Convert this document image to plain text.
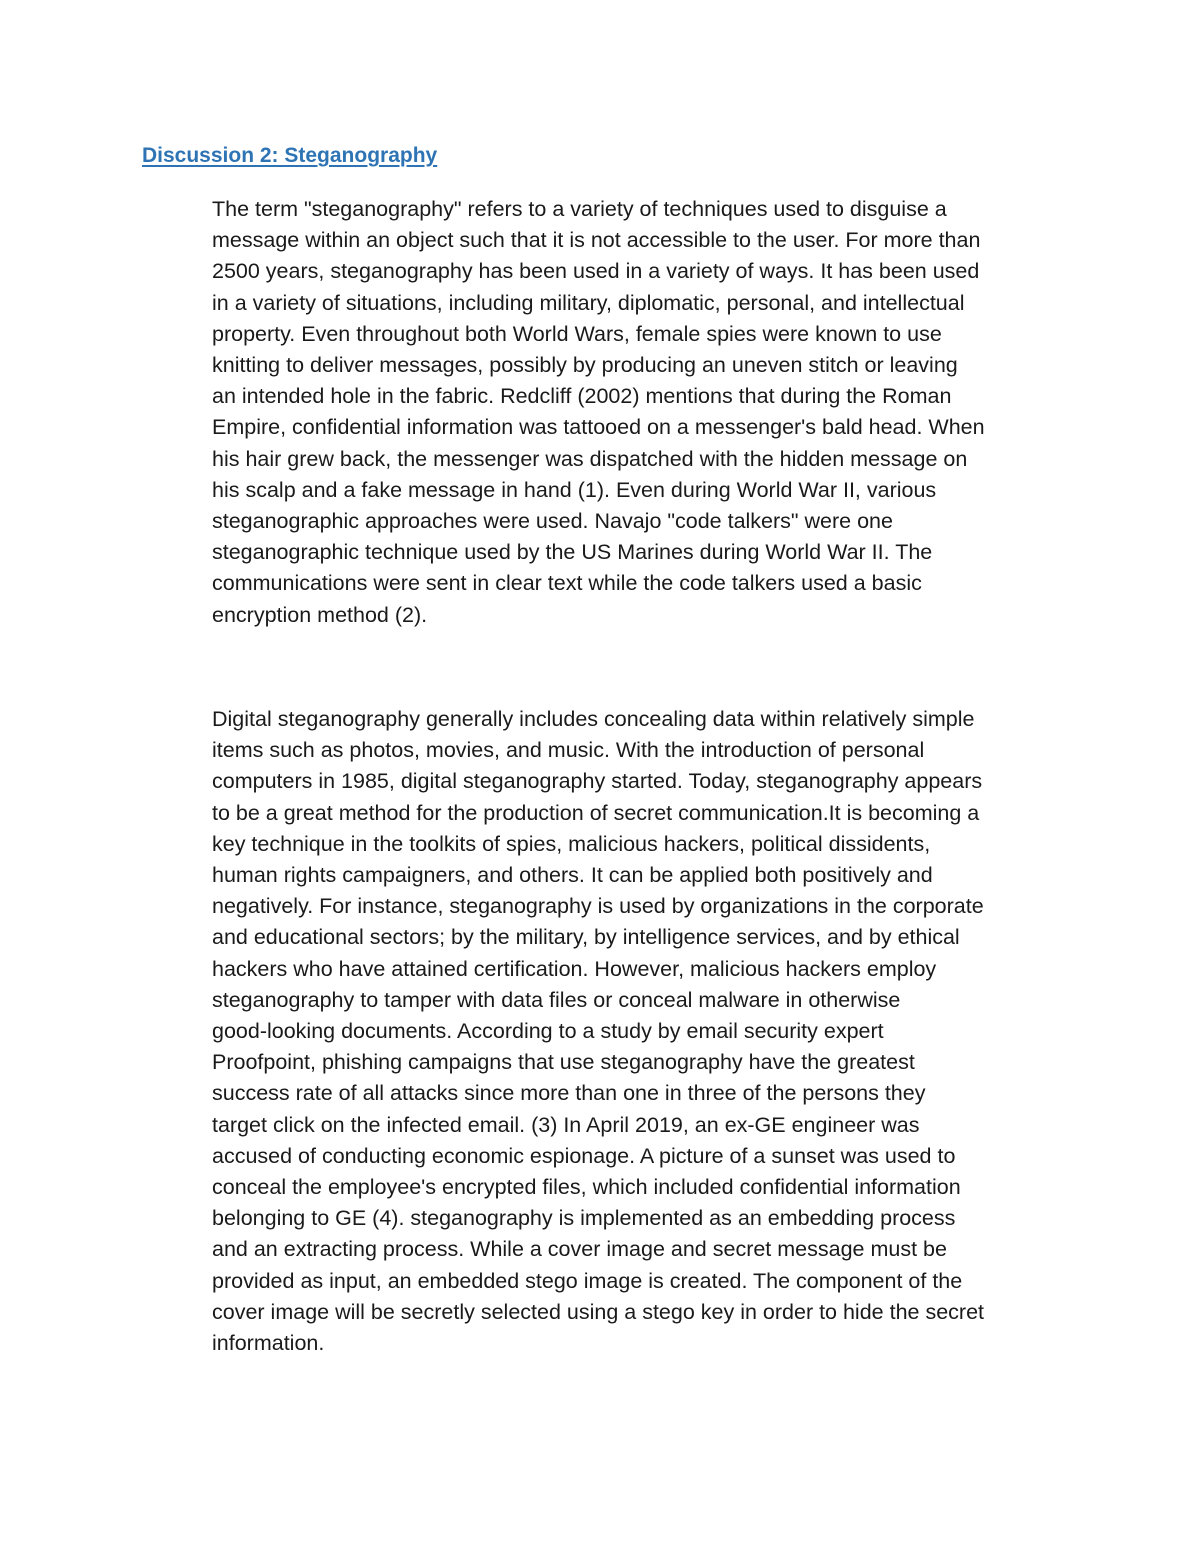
Discussion 2: Steganography

The term "steganography" refers to a variety of techniques used to disguise a
message within an object such that it is not accessible to the user. For more than
2500 years, steganography has been used in a variety of ways. It has been used
in a variety of situations, including military, diplomatic, personal, and intellectual
property. Even throughout both World Wars, female spies were known to use
knitting to deliver messages, possibly by producing an uneven stitch or leaving
an intended hole in the fabric. Redcliff (2002) mentions that during the Roman
Empire, confidential information was tattooed on a messenger's bald head. When
his hair grew back, the messenger was dispatched with the hidden message on
his scalp and a fake message in hand (1). Even during World War II, various
steganographic approaches were used. Navajo "code talkers" were one
steganographic technique used by the US Marines during World War II. The
communications were sent in clear text while the code talkers used a basic
encryption method (2).

Digital steganography generally includes concealing data within relatively simple
items such as photos, movies, and music. With the introduction of personal
computers in 1985, digital steganography started. Today, steganography appears
to be a great method for the production of secret communication.It is becoming a
key technique in the toolkits of spies, malicious hackers, political dissidents,
human rights campaigners, and others. It can be applied both positively and
negatively. For instance, steganography is used by organizations in the corporate
and educational sectors; by the military, by intelligence services, and by ethical
hackers who have attained certification. However, malicious hackers employ
steganography to tamper with data files or conceal malware in otherwise
good-looking documents. According to a study by email security expert
Proofpoint, phishing campaigns that use steganography have the greatest
success rate of all attacks since more than one in three of the persons they
target click on the infected email. (3) In April 2019, an ex-GE engineer was
accused of conducting economic espionage. A picture of a sunset was used to
conceal the employee's encrypted files, which included confidential information
belonging to GE (4). steganography is implemented as an embedding process
and an extracting process. While a cover image and secret message must be
provided as input, an embedded stego image is created. The component of the
cover image will be secretly selected using a stego key in order to hide the secret
information.
